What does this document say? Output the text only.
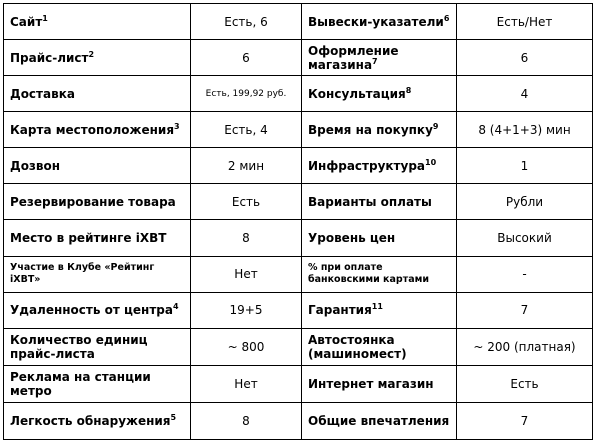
Сайт$^1$	Есть, 6	Вывески-указатели$^6$	Есть/Нет
Прайс-лист$^2$	6	Оформление магазина$^7$	6
Доставка	Есть, 199,92 руб.	Консультация$^8$	4
Карта местоположения$^3$	Есть, 4	Время на покупку$^9$	8 (4+1+3) мин
Дозвон	2 мин	Инфраструктура$^{10}$	1
Резервирование товара	Есть	Варианты оплаты	Рубли
Место в рейтинге iXBT	8	Уровень цен	Высокий
Участие в Клубе «Рейтинг iXBT»	Нет	% при оплате банковскими картами	-
Удаленность от центра$^4$	19+5	Гарантия$^{11}$	7
Количество единиц прайс-листа	~ 800	Автостоянка (машиномест)	~ 200 (платная)
Реклама на станции метро	Нет	Интернет магазин	Есть
Легкость обнаружения$^5$	8	Общие впечатления	7
